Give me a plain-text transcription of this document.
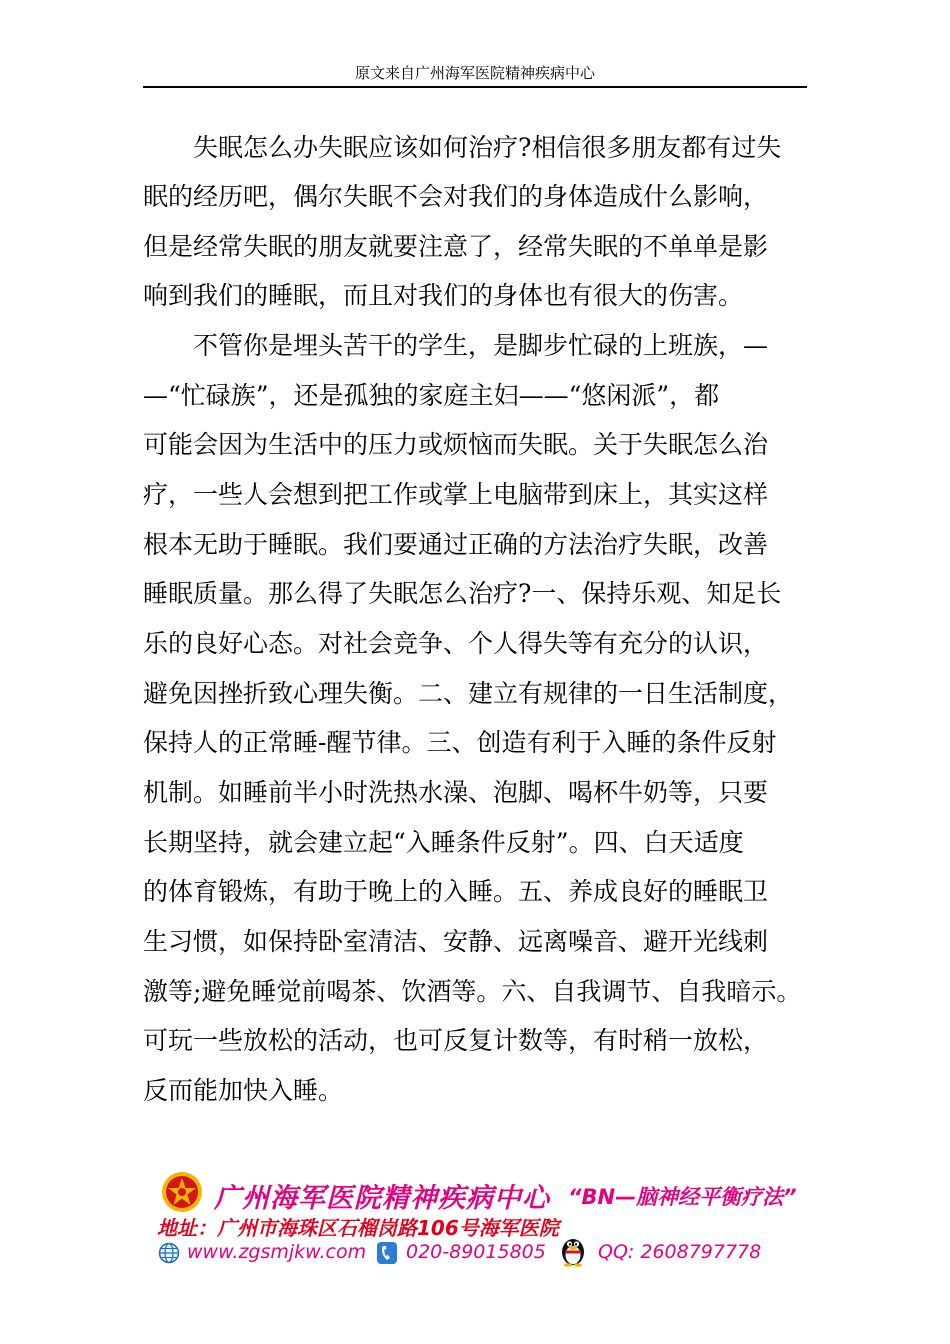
原文来自广州海军医院精神疾病中心
　　失眠怎么办失眠应该如何治疗?相信很多朋友都有过失
眠的经历吧，偶尔失眠不会对我们的身体造成什么影响，
但是经常失眠的朋友就要注意了，经常失眠的不单单是影
响到我们的睡眠，而且对我们的身体也有很大的伤害。
　　不管你是埋头苦干的学生，是脚步忙碌的上班族，—
—“忙碌族”，还是孤独的家庭主妇——“悠闲派”，都
可能会因为生活中的压力或烦恼而失眠。关于失眠怎么治
疗，一些人会想到把工作或掌上电脑带到床上，其实这样
根本无助于睡眠。我们要通过正确的方法治疗失眠，改善
睡眠质量。那么得了失眠怎么治疗?一、保持乐观、知足长
乐的良好心态。对社会竞争、个人得失等有充分的认识，
避免因挫折致心理失衡。二、建立有规律的一日生活制度，
保持人的正常睡-醒节律。三、创造有利于入睡的条件反射
机制。如睡前半小时洗热水澡、泡脚、喝杯牛奶等，只要
长期坚持，就会建立起“入睡条件反射”。四、白天适度
的体育锻炼，有助于晚上的入睡。五、养成良好的睡眠卫
生习惯，如保持卧室清洁、安静、远离噪音、避开光线刺
激等;避免睡觉前喝茶、饮酒等。六、自我调节、自我暗示。
可玩一些放松的活动，也可反复计数等，有时稍一放松，
反而能加快入睡。
广州海军医院精神疾病中心 “BN—脑神经平衡疗法”
地址：广州市海珠区石榴岗路106号海军医院
www.zgsmjkw.com 020-89015805	QQ: 2608797778
